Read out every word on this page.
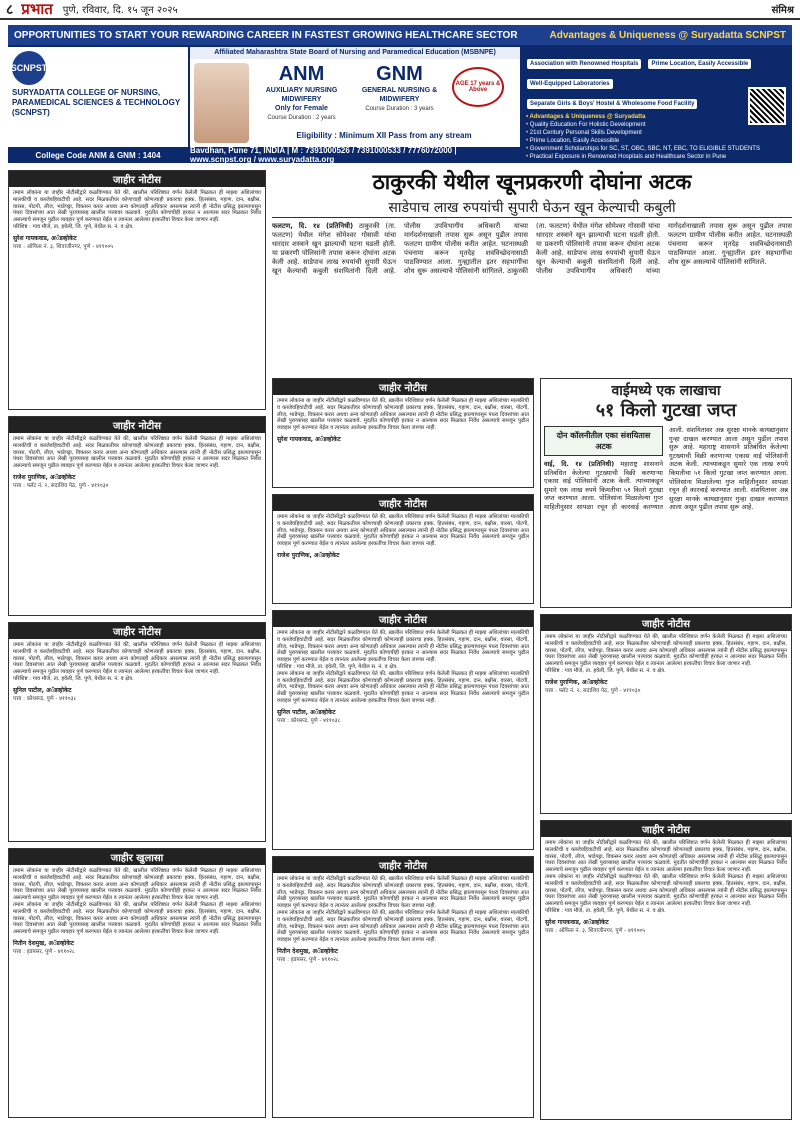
८ प्रभात पुणे, रविवार, दि. १५ जून २०२५	संमिश्र
OPPORTUNITIES TO START YOUR REWARDING CAREER IN FASTEST GROWING HEALTHCARE SECTOR	Advantages & Uniqueness @ Suryadatta SCNPST
SCNPST
SURYADATTA COLLEGE OF NURSING, PARAMEDICAL SCIENCES & TECHNOLOGY (SCNPST)
College Code ANM & GNM : 1404
Affiliated Maharashtra State Board of Nursing and Paramedical Education (MSBNPE)
ANM
AUXILIARY NURSING MIDWIFERY
Only for Female
Course Duration : 2 years
GNM
GENERAL NURSING & MIDWIFERY
Course Duration : 3 years
AGE 17 years & Above
Eligibility : Minimum XII Pass from any stream
Bavdhan, Pune 71, INDIA | M : 7391000526 / 7391000533 / 7776072000 | www.scnpst.org / www.suryadatta.org
Association with Renowned Hospitals Prime Location, Easily Accessible Well-Equipped Laboratories Separate Girls & Boys' Hostel & Wholesome Food Facility
• Advantages & Uniqueness @ Suryadatta
• Quality Education For Holistic Development
• 21st Century Personal Skills Development
• Prime Location, Easily Accessible
• Government Scholarships for SC, ST, OBC, SBC, NT, EBC, TO ELIGIBLE STUDENTS
• Practical Exposure in Renowned Hospitals and Healthcare Sector in Pune
जाहीर नोटीस
तमाम लोकांना या जाहीर नोटीसीद्वारे कळविण्यात येते की, खालील परिशिष्टात वर्णन केलेली मिळकत ही माझ्या अशिलांच्या मालकीची व कब्जेवहिवाटीची आहे. सदर मिळकतीवर कोणाचाही कोणत्याही प्रकारचा हक्क, हितसंबंध, गहाण, दान, बक्षीस, वारसा, पोटगी, लीज, भाडेपट्टा, विकसन करार अथवा अन्य कोणताही अधिकार असल्यास त्यांनी ही नोटीस प्रसिद्ध झाल्यापासून पंधरा दिवसांच्या आत लेखी पुराव्यासह खालील पत्त्यावर कळवावे. मुदतीत कोणाचीही हरकत न आल्यास सदर मिळकत निर्वेध असल्याचे समजून पुढील व्यवहार पूर्ण करण्यात येईल व त्यानंतर आलेल्या हरकतींचा विचार केला जाणार नाही.
परिशिष्ट : गाव मौजे, ता. हवेली, जि. पुणे, येथील स. नं. व क्षेत्र.
सुरेश गायकवाड, अॅडव्होकेट
पत्ता : ऑफिस नं. ३, शिवाजीनगर, पुणे - ४११००५
जाहीर नोटीस
तमाम लोकांना या जाहीर नोटीसीद्वारे कळविण्यात येते की, खालील परिशिष्टात वर्णन केलेली मिळकत ही माझ्या अशिलांच्या मालकीची व कब्जेवहिवाटीची आहे. सदर मिळकतीवर कोणाचाही कोणत्याही प्रकारचा हक्क, हितसंबंध, गहाण, दान, बक्षीस, वारसा, पोटगी, लीज, भाडेपट्टा, विकसन करार अथवा अन्य कोणताही अधिकार असल्यास त्यांनी ही नोटीस प्रसिद्ध झाल्यापासून पंधरा दिवसांच्या आत लेखी पुराव्यासह खालील पत्त्यावर कळवावे. मुदतीत कोणाचीही हरकत न आल्यास सदर मिळकत निर्वेध असल्याचे समजून पुढील व्यवहार पूर्ण करण्यात येईल व त्यानंतर आलेल्या हरकतींचा विचार केला जाणार नाही.
राजेश पुराणिक, अॅडव्होकेट
पत्ता : फ्लॅट नं. २, सदाशिव पेठ, पुणे - ४११०३०
जाहीर नोटीस
तमाम लोकांना या जाहीर नोटीसीद्वारे कळविण्यात येते की, खालील परिशिष्टात वर्णन केलेली मिळकत ही माझ्या अशिलांच्या मालकीची व कब्जेवहिवाटीची आहे. सदर मिळकतीवर कोणाचाही कोणत्याही प्रकारचा हक्क, हितसंबंध, गहाण, दान, बक्षीस, वारसा, पोटगी, लीज, भाडेपट्टा, विकसन करार अथवा अन्य कोणताही अधिकार असल्यास त्यांनी ही नोटीस प्रसिद्ध झाल्यापासून पंधरा दिवसांच्या आत लेखी पुराव्यासह खालील पत्त्यावर कळवावे. मुदतीत कोणाचीही हरकत न आल्यास सदर मिळकत निर्वेध असल्याचे समजून पुढील व्यवहार पूर्ण करण्यात येईल व त्यानंतर आलेल्या हरकतींचा विचार केला जाणार नाही.
परिशिष्ट : गाव मौजे, ता. हवेली, जि. पुणे, येथील स. नं. व क्षेत्र.
सुनिल पाटील, अॅडव्होकेट
पत्ता : कोथरूड, पुणे - ४११०३८
जाहीर खुलासा
तमाम लोकांना या जाहीर नोटीसीद्वारे कळविण्यात येते की, खालील परिशिष्टात वर्णन केलेली मिळकत ही माझ्या अशिलांच्या मालकीची व कब्जेवहिवाटीची आहे. सदर मिळकतीवर कोणाचाही कोणत्याही प्रकारचा हक्क, हितसंबंध, गहाण, दान, बक्षीस, वारसा, पोटगी, लीज, भाडेपट्टा, विकसन करार अथवा अन्य कोणताही अधिकार असल्यास त्यांनी ही नोटीस प्रसिद्ध झाल्यापासून पंधरा दिवसांच्या आत लेखी पुराव्यासह खालील पत्त्यावर कळवावे. मुदतीत कोणाचीही हरकत न आल्यास सदर मिळकत निर्वेध असल्याचे समजून पुढील व्यवहार पूर्ण करण्यात येईल व त्यानंतर आलेल्या हरकतींचा विचार केला जाणार नाही.
तमाम लोकांना या जाहीर नोटीसीद्वारे कळविण्यात येते की, खालील परिशिष्टात वर्णन केलेली मिळकत ही माझ्या अशिलांच्या मालकीची व कब्जेवहिवाटीची आहे. सदर मिळकतीवर कोणाचाही कोणत्याही प्रकारचा हक्क, हितसंबंध, गहाण, दान, बक्षीस, वारसा, पोटगी, लीज, भाडेपट्टा, विकसन करार अथवा अन्य कोणताही अधिकार असल्यास त्यांनी ही नोटीस प्रसिद्ध झाल्यापासून पंधरा दिवसांच्या आत लेखी पुराव्यासह खालील पत्त्यावर कळवावे. मुदतीत कोणाचीही हरकत न आल्यास सदर मिळकत निर्वेध असल्याचे समजून पुढील व्यवहार पूर्ण करण्यात येईल व त्यानंतर आलेल्या हरकतींचा विचार केला जाणार नाही.
नितीन देशमुख, अॅडव्होकेट
पत्ता : हडपसर, पुणे - ४११०२८
ठाकुरकी येथील खूनप्रकरणी दोघांना अटक
साडेपाच लाख रुपयांची सुपारी घेऊन खून केल्याची कबुली
फलटण, दि. १४ (प्रतिनिधी) ठाकुरकी (ता. फलटण) येथील मंगेश सोमेश्वर गोसावी यांचा धारदार शस्त्राने खून झाल्याची घटना घडली होती. या प्रकरणी पोलिसांनी तपास करून दोघांना अटक केली आहे. साडेपाच लाख रुपयांची सुपारी घेऊन खून केल्याची कबुली संशयितांनी दिली आहे. पोलीस उपविभागीय अधिकारी यांच्या मार्गदर्शनाखाली तपास सुरू असून पुढील तपास फलटण ग्रामीण पोलीस करीत आहेत. घटनास्थळी पंचनामा करून मृतदेह शवविच्छेदनासाठी पाठविण्यात आला. गुन्ह्यातील इतर सहभागींचा शोध सुरू असल्याचे पोलिसांनी सांगितले. ठाकुरकी (ता. फलटण) येथील मंगेश सोमेश्वर गोसावी यांचा धारदार शस्त्राने खून झाल्याची घटना घडली होती. या प्रकरणी पोलिसांनी तपास करून दोघांना अटक केली आहे. साडेपाच लाख रुपयांची सुपारी घेऊन खून केल्याची कबुली संशयितांनी दिली आहे. पोलीस उपविभागीय अधिकारी यांच्या मार्गदर्शनाखाली तपास सुरू असून पुढील तपास फलटण ग्रामीण पोलीस करीत आहेत. घटनास्थळी पंचनामा करून मृतदेह शवविच्छेदनासाठी पाठविण्यात आला. गुन्ह्यातील इतर सहभागींचा शोध सुरू असल्याचे पोलिसांनी सांगितले.
जाहीर नोटीस
तमाम लोकांना या जाहीर नोटीसीद्वारे कळविण्यात येते की, खालील परिशिष्टात वर्णन केलेली मिळकत ही माझ्या अशिलांच्या मालकीची व कब्जेवहिवाटीची आहे. सदर मिळकतीवर कोणाचाही कोणत्याही प्रकारचा हक्क, हितसंबंध, गहाण, दान, बक्षीस, वारसा, पोटगी, लीज, भाडेपट्टा, विकसन करार अथवा अन्य कोणताही अधिकार असल्यास त्यांनी ही नोटीस प्रसिद्ध झाल्यापासून पंधरा दिवसांच्या आत लेखी पुराव्यासह खालील पत्त्यावर कळवावे. मुदतीत कोणाचीही हरकत न आल्यास सदर मिळकत निर्वेध असल्याचे समजून पुढील व्यवहार पूर्ण करण्यात येईल व त्यानंतर आलेल्या हरकतींचा विचार केला जाणार नाही.
सुरेश गायकवाड, अॅडव्होकेट
जाहीर नोटीस
तमाम लोकांना या जाहीर नोटीसीद्वारे कळविण्यात येते की, खालील परिशिष्टात वर्णन केलेली मिळकत ही माझ्या अशिलांच्या मालकीची व कब्जेवहिवाटीची आहे. सदर मिळकतीवर कोणाचाही कोणत्याही प्रकारचा हक्क, हितसंबंध, गहाण, दान, बक्षीस, वारसा, पोटगी, लीज, भाडेपट्टा, विकसन करार अथवा अन्य कोणताही अधिकार असल्यास त्यांनी ही नोटीस प्रसिद्ध झाल्यापासून पंधरा दिवसांच्या आत लेखी पुराव्यासह खालील पत्त्यावर कळवावे. मुदतीत कोणाचीही हरकत न आल्यास सदर मिळकत निर्वेध असल्याचे समजून पुढील व्यवहार पूर्ण करण्यात येईल व त्यानंतर आलेल्या हरकतींचा विचार केला जाणार नाही.
राजेश पुराणिक, अॅडव्होकेट
जाहीर नोटीस
तमाम लोकांना या जाहीर नोटीसीद्वारे कळविण्यात येते की, खालील परिशिष्टात वर्णन केलेली मिळकत ही माझ्या अशिलांच्या मालकीची व कब्जेवहिवाटीची आहे. सदर मिळकतीवर कोणाचाही कोणत्याही प्रकारचा हक्क, हितसंबंध, गहाण, दान, बक्षीस, वारसा, पोटगी, लीज, भाडेपट्टा, विकसन करार अथवा अन्य कोणताही अधिकार असल्यास त्यांनी ही नोटीस प्रसिद्ध झाल्यापासून पंधरा दिवसांच्या आत लेखी पुराव्यासह खालील पत्त्यावर कळवावे. मुदतीत कोणाचीही हरकत न आल्यास सदर मिळकत निर्वेध असल्याचे समजून पुढील व्यवहार पूर्ण करण्यात येईल व त्यानंतर आलेल्या हरकतींचा विचार केला जाणार नाही.
परिशिष्ट : गाव मौजे, ता. हवेली, जि. पुणे, येथील स. नं. व क्षेत्र.
तमाम लोकांना या जाहीर नोटीसीद्वारे कळविण्यात येते की, खालील परिशिष्टात वर्णन केलेली मिळकत ही माझ्या अशिलांच्या मालकीची व कब्जेवहिवाटीची आहे. सदर मिळकतीवर कोणाचाही कोणत्याही प्रकारचा हक्क, हितसंबंध, गहाण, दान, बक्षीस, वारसा, पोटगी, लीज, भाडेपट्टा, विकसन करार अथवा अन्य कोणताही अधिकार असल्यास त्यांनी ही नोटीस प्रसिद्ध झाल्यापासून पंधरा दिवसांच्या आत लेखी पुराव्यासह खालील पत्त्यावर कळवावे. मुदतीत कोणाचीही हरकत न आल्यास सदर मिळकत निर्वेध असल्याचे समजून पुढील व्यवहार पूर्ण करण्यात येईल व त्यानंतर आलेल्या हरकतींचा विचार केला जाणार नाही.
सुनिल पाटील, अॅडव्होकेट
पत्ता : कोथरूड, पुणे - ४११०३८
जाहीर नोटीस
तमाम लोकांना या जाहीर नोटीसीद्वारे कळविण्यात येते की, खालील परिशिष्टात वर्णन केलेली मिळकत ही माझ्या अशिलांच्या मालकीची व कब्जेवहिवाटीची आहे. सदर मिळकतीवर कोणाचाही कोणत्याही प्रकारचा हक्क, हितसंबंध, गहाण, दान, बक्षीस, वारसा, पोटगी, लीज, भाडेपट्टा, विकसन करार अथवा अन्य कोणताही अधिकार असल्यास त्यांनी ही नोटीस प्रसिद्ध झाल्यापासून पंधरा दिवसांच्या आत लेखी पुराव्यासह खालील पत्त्यावर कळवावे. मुदतीत कोणाचीही हरकत न आल्यास सदर मिळकत निर्वेध असल्याचे समजून पुढील व्यवहार पूर्ण करण्यात येईल व त्यानंतर आलेल्या हरकतींचा विचार केला जाणार नाही.
तमाम लोकांना या जाहीर नोटीसीद्वारे कळविण्यात येते की, खालील परिशिष्टात वर्णन केलेली मिळकत ही माझ्या अशिलांच्या मालकीची व कब्जेवहिवाटीची आहे. सदर मिळकतीवर कोणाचाही कोणत्याही प्रकारचा हक्क, हितसंबंध, गहाण, दान, बक्षीस, वारसा, पोटगी, लीज, भाडेपट्टा, विकसन करार अथवा अन्य कोणताही अधिकार असल्यास त्यांनी ही नोटीस प्रसिद्ध झाल्यापासून पंधरा दिवसांच्या आत लेखी पुराव्यासह खालील पत्त्यावर कळवावे. मुदतीत कोणाचीही हरकत न आल्यास सदर मिळकत निर्वेध असल्याचे समजून पुढील व्यवहार पूर्ण करण्यात येईल व त्यानंतर आलेल्या हरकतींचा विचार केला जाणार नाही.
नितीन देशमुख, अॅडव्होकेट
पत्ता : हडपसर, पुणे - ४११०२८
वाईमध्ये एक लाखाचा
५१ किलो गुटखा जप्त
दोन कॉलनीतील एका संशयितास अटक
वाई, दि. १४ (प्रतिनिधी) महाराष्ट्र शासनाने प्रतिबंधित केलेल्या गुटख्याची विक्री करणाऱ्या एकास वाई पोलिसांनी अटक केली. त्याच्याकडून सुमारे एक लाख रुपये किमतीचा ५१ किलो गुटखा जप्त करण्यात आला. पोलिसांना मिळालेल्या गुप्त माहितीनुसार सापळा रचून ही कारवाई करण्यात आली. संशयितावर अन्न सुरक्षा मानके कायद्यानुसार गुन्हा दाखल करण्यात आला असून पुढील तपास सुरू आहे. महाराष्ट्र शासनाने प्रतिबंधित केलेल्या गुटख्याची विक्री करणाऱ्या एकास वाई पोलिसांनी अटक केली. त्याच्याकडून सुमारे एक लाख रुपये किमतीचा ५१ किलो गुटखा जप्त करण्यात आला. पोलिसांना मिळालेल्या गुप्त माहितीनुसार सापळा रचून ही कारवाई करण्यात आली. संशयितावर अन्न सुरक्षा मानके कायद्यानुसार गुन्हा दाखल करण्यात आला असून पुढील तपास सुरू आहे.
जाहीर नोटीस
तमाम लोकांना या जाहीर नोटीसीद्वारे कळविण्यात येते की, खालील परिशिष्टात वर्णन केलेली मिळकत ही माझ्या अशिलांच्या मालकीची व कब्जेवहिवाटीची आहे. सदर मिळकतीवर कोणाचाही कोणत्याही प्रकारचा हक्क, हितसंबंध, गहाण, दान, बक्षीस, वारसा, पोटगी, लीज, भाडेपट्टा, विकसन करार अथवा अन्य कोणताही अधिकार असल्यास त्यांनी ही नोटीस प्रसिद्ध झाल्यापासून पंधरा दिवसांच्या आत लेखी पुराव्यासह खालील पत्त्यावर कळवावे. मुदतीत कोणाचीही हरकत न आल्यास सदर मिळकत निर्वेध असल्याचे समजून पुढील व्यवहार पूर्ण करण्यात येईल व त्यानंतर आलेल्या हरकतींचा विचार केला जाणार नाही.
परिशिष्ट : गाव मौजे, ता. हवेली, जि. पुणे, येथील स. नं. व क्षेत्र.
राजेश पुराणिक, अॅडव्होकेट
पत्ता : फ्लॅट नं. २, सदाशिव पेठ, पुणे - ४११०३०
जाहीर नोटीस
तमाम लोकांना या जाहीर नोटीसीद्वारे कळविण्यात येते की, खालील परिशिष्टात वर्णन केलेली मिळकत ही माझ्या अशिलांच्या मालकीची व कब्जेवहिवाटीची आहे. सदर मिळकतीवर कोणाचाही कोणत्याही प्रकारचा हक्क, हितसंबंध, गहाण, दान, बक्षीस, वारसा, पोटगी, लीज, भाडेपट्टा, विकसन करार अथवा अन्य कोणताही अधिकार असल्यास त्यांनी ही नोटीस प्रसिद्ध झाल्यापासून पंधरा दिवसांच्या आत लेखी पुराव्यासह खालील पत्त्यावर कळवावे. मुदतीत कोणाचीही हरकत न आल्यास सदर मिळकत निर्वेध असल्याचे समजून पुढील व्यवहार पूर्ण करण्यात येईल व त्यानंतर आलेल्या हरकतींचा विचार केला जाणार नाही.
तमाम लोकांना या जाहीर नोटीसीद्वारे कळविण्यात येते की, खालील परिशिष्टात वर्णन केलेली मिळकत ही माझ्या अशिलांच्या मालकीची व कब्जेवहिवाटीची आहे. सदर मिळकतीवर कोणाचाही कोणत्याही प्रकारचा हक्क, हितसंबंध, गहाण, दान, बक्षीस, वारसा, पोटगी, लीज, भाडेपट्टा, विकसन करार अथवा अन्य कोणताही अधिकार असल्यास त्यांनी ही नोटीस प्रसिद्ध झाल्यापासून पंधरा दिवसांच्या आत लेखी पुराव्यासह खालील पत्त्यावर कळवावे. मुदतीत कोणाचीही हरकत न आल्यास सदर मिळकत निर्वेध असल्याचे समजून पुढील व्यवहार पूर्ण करण्यात येईल व त्यानंतर आलेल्या हरकतींचा विचार केला जाणार नाही.
परिशिष्ट : गाव मौजे, ता. हवेली, जि. पुणे, येथील स. नं. व क्षेत्र.
सुरेश गायकवाड, अॅडव्होकेट
पत्ता : ऑफिस नं. ३, शिवाजीनगर, पुणे - ४११००५
